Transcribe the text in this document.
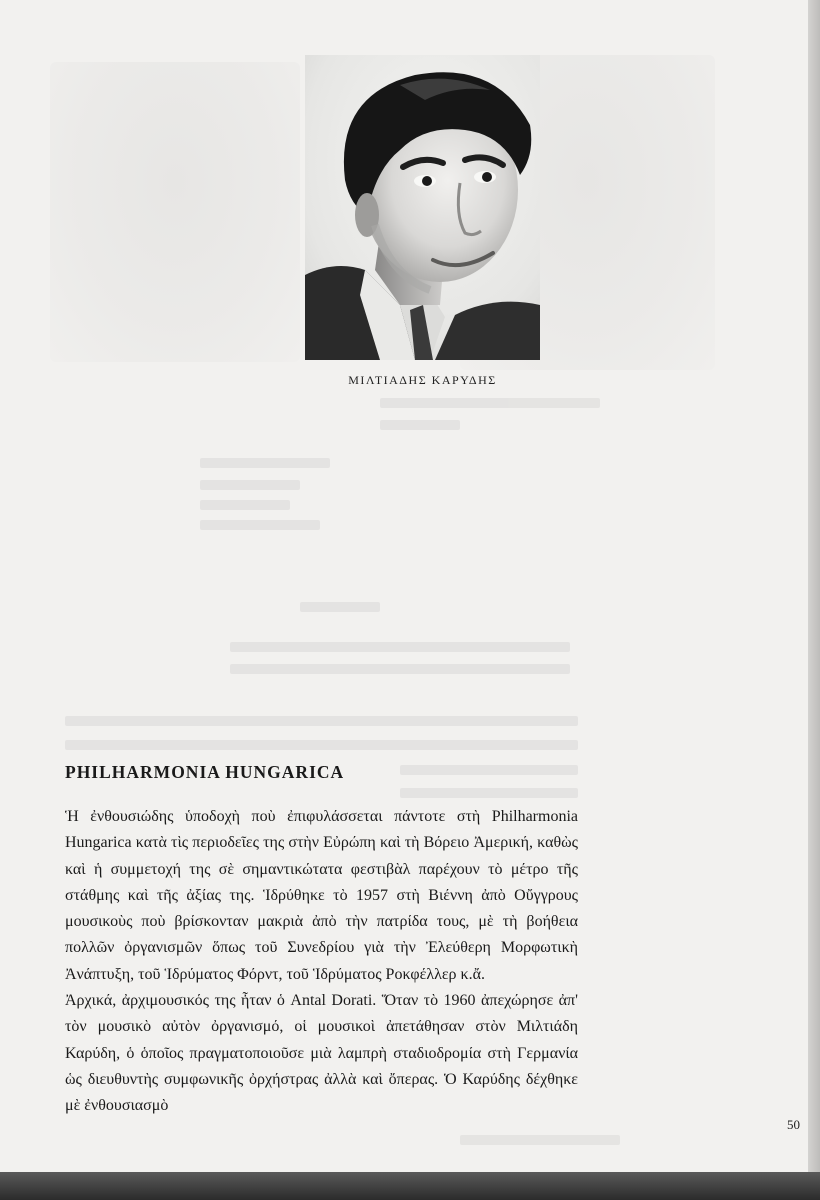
ΜΙΛΤΙΑΔΗΣ ΚΑΡΥΔΗΣ
PHILHARMONIA HUNGARICA

Ἡ ἐνθουσιώδης ὑποδοχὴ ποὺ ἐπιφυλάσσεται πάντοτε στὴ Philharmonia Hungarica κατὰ τὶς περιοδεῖες της στὴν Εὐρώπη καὶ τὴ Βόρειο Ἀμερική, καθὼς καὶ ἡ συμμετοχή της σὲ σημαντικώτατα φεστιβὰλ παρέχουν τὸ μέτρο τῆς στάθμης καὶ τῆς ἀξίας της. Ἱδρύθηκε τὸ 1957 στὴ Βιέννη ἀπὸ Οὔγγρους μουσικοὺς ποὺ βρίσκονταν μακριὰ ἀπὸ τὴν πατρίδα τους, μὲ τὴ βοήθεια πολλῶν ὀργανισμῶν ὅπως τοῦ Συνεδρίου γιὰ τὴν Ἐλεύθερη Μορφωτικὴ Ἀνάπτυξη, τοῦ Ἱδρύματος Φόρντ, τοῦ Ἱδρύματος Ροκφέλλερ κ.ἄ.

Ἀρχικά, ἀρχιμουσικός της ἦταν ὁ Antal Dorati. Ὅταν τὸ 1960 ἀπεχώρησε ἀπ' τὸν μουσικὸ αὐτὸν ὀργανισμό, οἱ μουσικοὶ ἀπετάθησαν στὸν Μιλτιάδη Καρύδη, ὁ ὁποῖος πραγματοποιοῦσε μιὰ λαμπρὴ σταδιοδρομία στὴ Γερμανία ὡς διευθυντὴς συμφωνικῆς ὀρχήστρας ἀλλὰ καὶ ὄπερας. Ὁ Καρύδης δέχθηκε μὲ ἐνθουσιασμὸ

50
